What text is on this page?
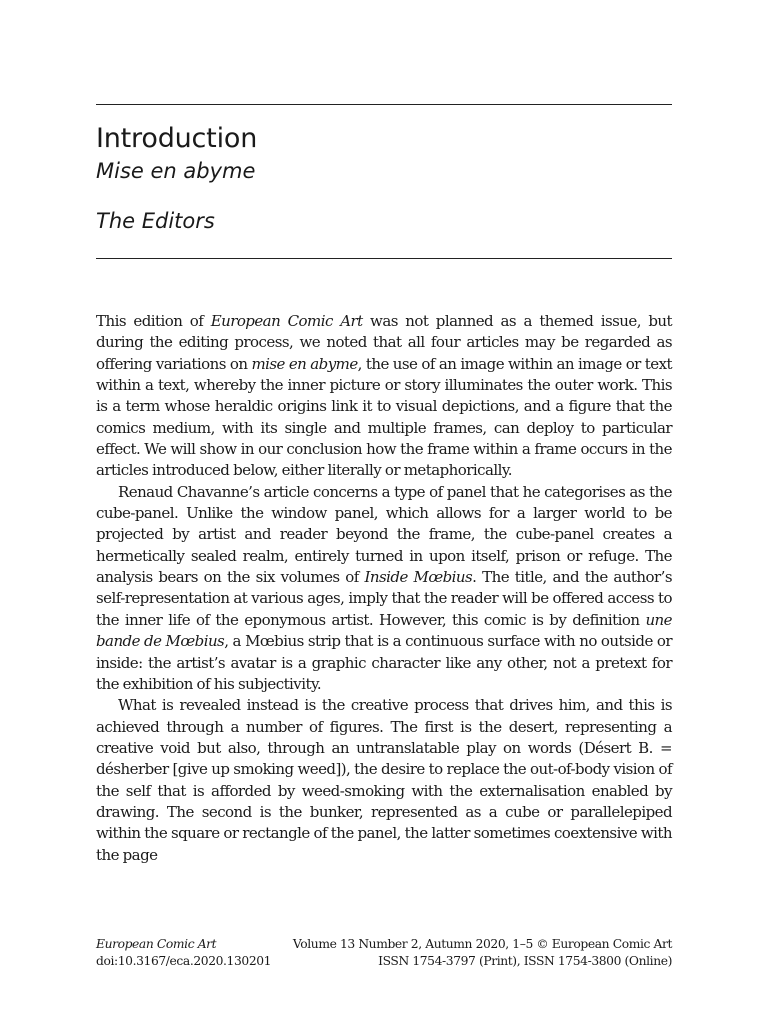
Introduction
Mise en abyme
The Editors

This edition of European Comic Art was not planned as a themed issue, but during the editing process, we noted that all four articles may be regarded as offering variations on mise en abyme, the use of an image within an image or text within a text, whereby the inner picture or story illuminates the outer work. This is a term whose heraldic origins link it to visual depictions, and a figure that the comics medium, with its single and multiple frames, can deploy to particular effect. We will show in our conclusion how the frame within a frame occurs in the articles introduced below, either literally or metaphorically.

Renaud Chavanne’s article concerns a type of panel that he categorises as the cube-panel. Unlike the window panel, which allows for a larger world to be projected by artist and reader beyond the frame, the cube-panel creates a hermetically sealed realm, entirely turned in upon itself, prison or refuge. The analysis bears on the six volumes of Inside Mœbius. The title, and the author’s self-representation at various ages, imply that the reader will be offered access to the inner life of the eponymous artist. However, this comic is by definition une bande de Mœbius, a Mœbius strip that is a continuous surface with no outside or inside: the artist’s avatar is a graphic character like any other, not a pretext for the exhibition of his subjectivity.

What is revealed instead is the creative process that drives him, and this is achieved through a number of figures. The first is the desert, representing a creative void but also, through an untranslatable play on words (Désert B. = désherber [give up smoking weed]), the desire to replace the out-of-body vision of the self that is afforded by weed-smoking with the externalisation enabled by drawing. The second is the bunker, represented as a cube or parallelepiped within the square or rectangle of the panel, the latter sometimes coextensive with the page

European Comic Art	Volume 13 Number 2, Autumn 2020, 1–5 © European Comic Art
doi:10.3167/eca.2020.130201	ISSN 1754-3797 (Print), ISSN 1754-3800 (Online)
